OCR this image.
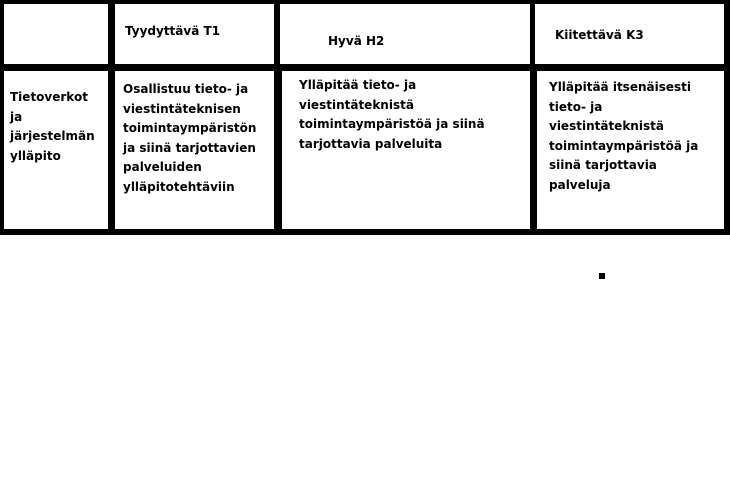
Tyydyttävä T1
Hyvä H2	Kiitettävä K3
Tietoverkot
ja
järjestelmän
ylläpito
Osallistuu tieto- ja
viestintäteknisen
toimintaympäristön
ja siinä tarjottavien
palveluiden
ylläpitotehtäviin
Ylläpitää tieto- ja
viestintäteknistä
toimintaympäristöä ja siinä
tarjottavia palveluita
Ylläpitää itsenäisesti
tieto- ja
viestintäteknistä
toimintaympäristöä ja
siinä tarjottavia
palveluja
